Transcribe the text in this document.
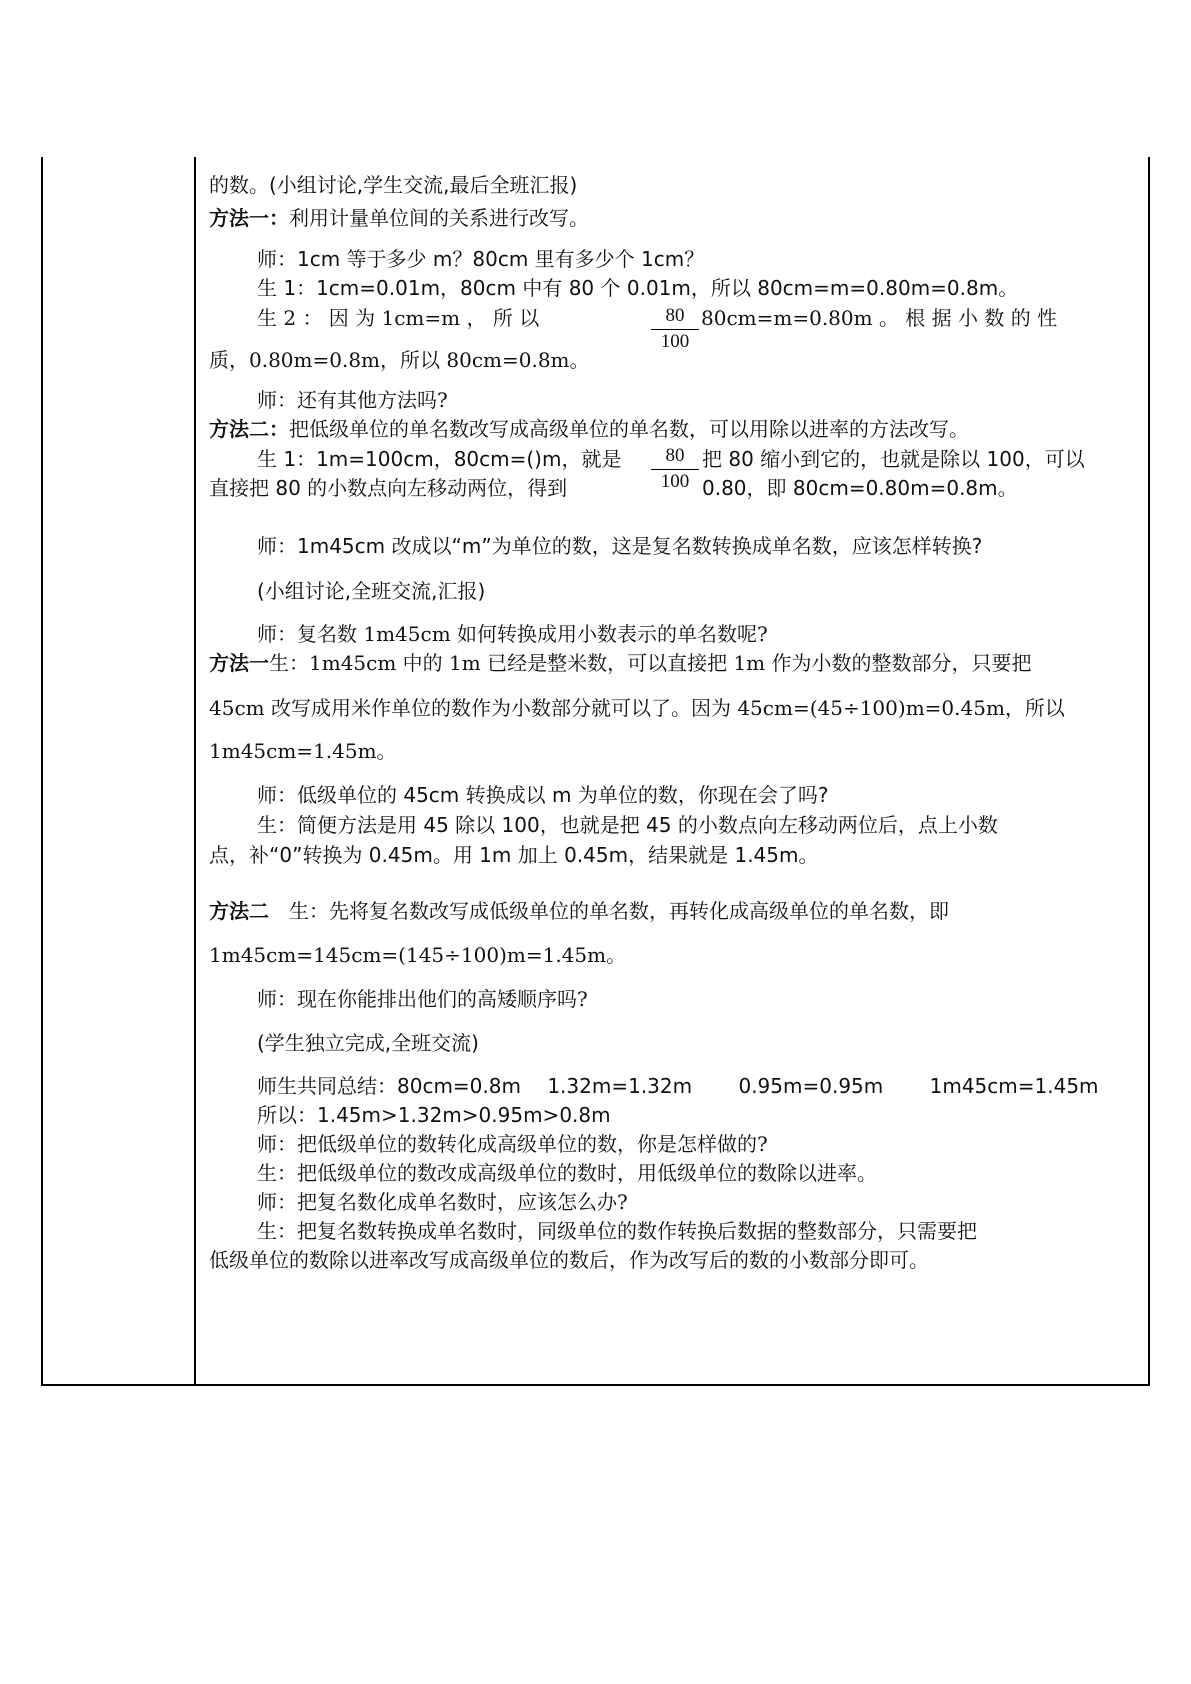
的数。(小组讨论,学生交流,最后全班汇报)
方法一：利用计量单位间的关系进行改写。
师：1cm 等于多少 m？80cm 里有多少个 1cm？
生 1：1cm=0.01m，80cm 中有 80 个 0.01m，所以 80cm=m=0.80m=0.8m。
生 2 ： 因 为 1cm=m ， 所 以	$\frac{80}{100} 80cm=m=0.80m$ 。 根 据 小 数 的 性
质，0.80m=0.8m，所以 80cm=0.8m。
师：还有其他方法吗?
方法二：把低级单位的单名数改写成高级单位的单名数，可以用除以进率的方法改写。
生 1：1m=100cm，80cm=()m，就是 $\frac{80}{100}$ 把 80 缩小到它的，也就是除以 100，可以
直接把 80 的小数点向左移动两位，得到	0.80，即 80cm=0.80m=0.8m。
师：1m45cm 改成以“m”为单位的数，这是复名数转换成单名数，应该怎样转换?
(小组讨论,全班交流,汇报)
师：复名数 1m45cm 如何转换成用小数表示的单名数呢?
方法一生：1m45cm 中的 1m 已经是整米数，可以直接把 1m 作为小数的整数部分，只要把
45cm 改写成用米作单位的数作为小数部分就可以了。因为 45cm=(45÷100)m=0.45m，所以
1m45cm=1.45m。
师：低级单位的 45cm 转换成以 m 为单位的数，你现在会了吗?
生：简便方法是用 45 除以 100，也就是把 45 的小数点向左移动两位后，点上小数
点，补“0”转换为 0.45m。用 1m 加上 0.45m，结果就是 1.45m。
方法二　 生：先将复名数改写成低级单位的单名数，再转化成高级单位的单名数，即
1m45cm=145cm=(145÷100)m=1.45m。
师：现在你能排出他们的高矮顺序吗?
(学生独立完成,全班交流)
师生共同总结：80cm=0.8m　 1.32m=1.32m　　 0.95m=0.95m　　 1m45cm=1.45m
所以：1.45m>1.32m>0.95m>0.8m
师：把低级单位的数转化成高级单位的数，你是怎样做的?
生：把低级单位的数改成高级单位的数时，用低级单位的数除以进率。
师：把复名数化成单名数时，应该怎么办?
生：把复名数转换成单名数时，同级单位的数作转换后数据的整数部分，只需要把
低级单位的数除以进率改写成高级单位的数后，作为改写后的数的小数部分即可。
